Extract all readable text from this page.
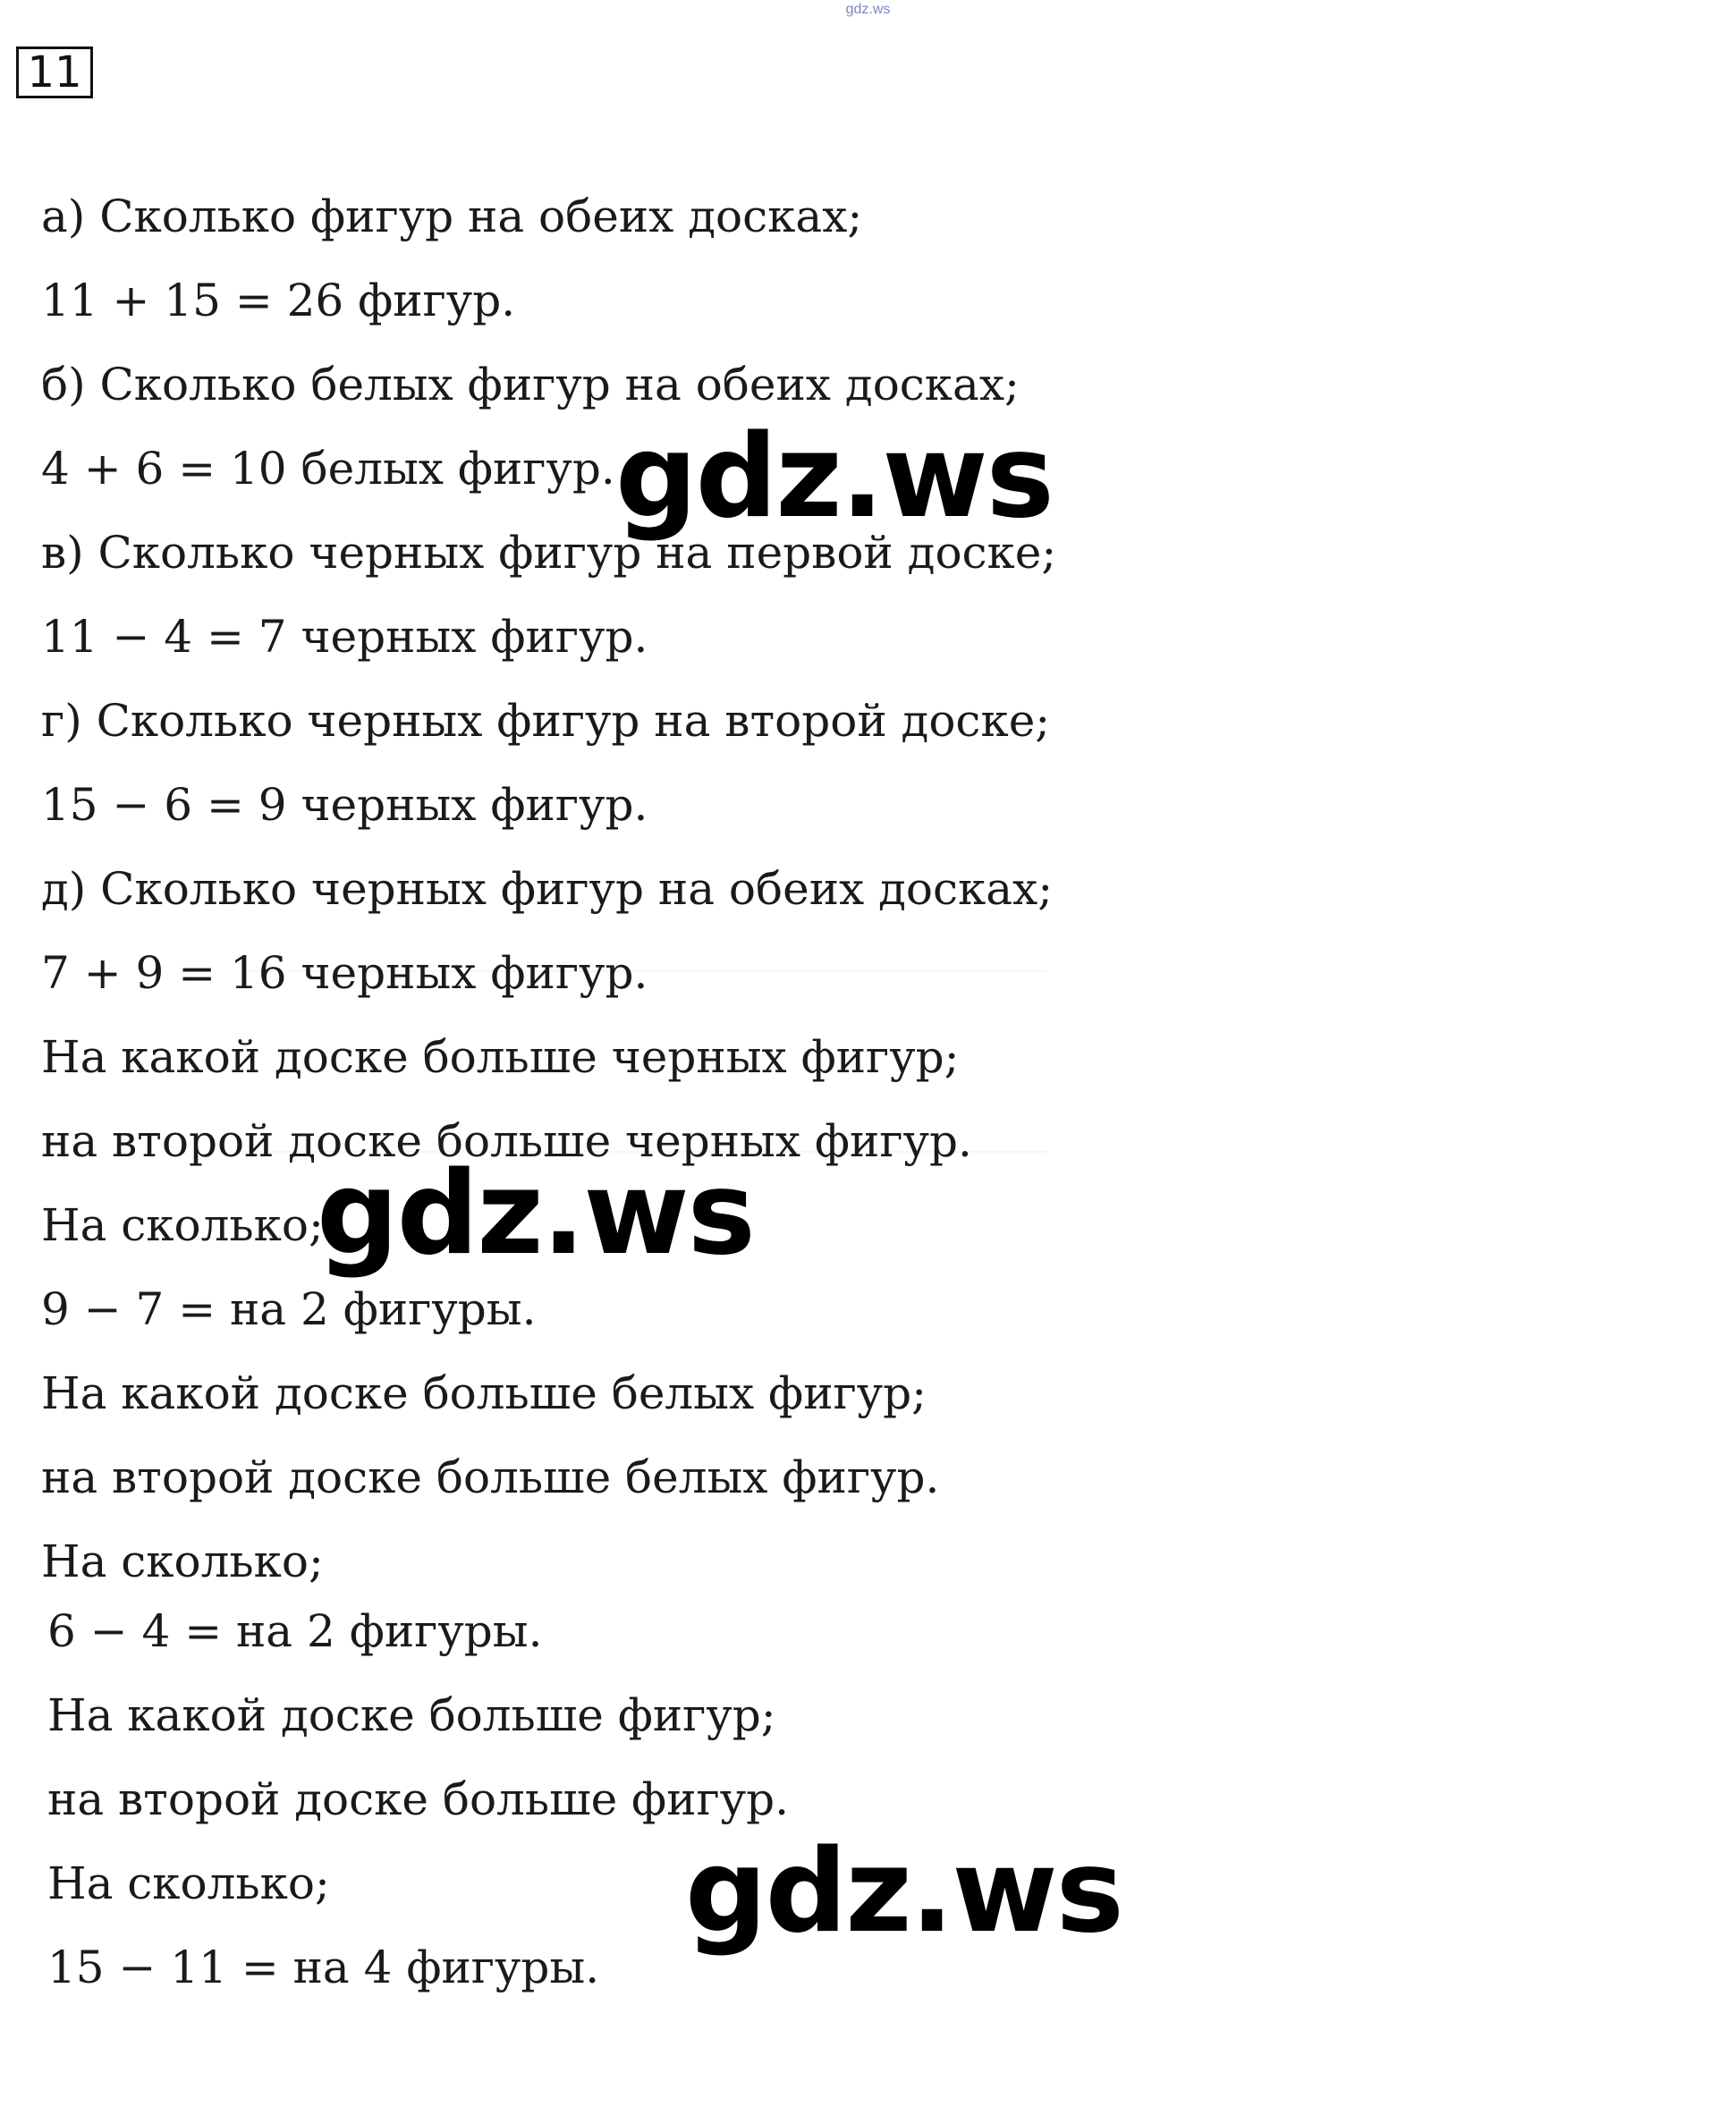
gdz.ws
11
а) Сколько фигур на обеих досках;
11 + 15 = 26 фигур.
б) Сколько белых фигур на обеих досках;
4 + 6 = 10 белых фигур.
в) Сколько черных фигур на первой доске;
11 − 4 = 7 черных фигур.
г) Сколько черных фигур на второй доске;
15 − 6 = 9 черных фигур.
д) Сколько черных фигур на обеих досках;
7 + 9 = 16 черных фигур.
На какой доске больше черных фигур;
на второй доске больше черных фигур.
На сколько;
9 − 7 = на 2 фигуры.
На какой доске больше белых фигур;
на второй доске больше белых фигур.
На сколько;
6 − 4 = на 2 фигуры.
На какой доске больше фигур;
на второй доске больше фигур.
На сколько;
15 − 11 = на 4 фигуры.
gdz.ws
gdz.ws
gdz.ws
